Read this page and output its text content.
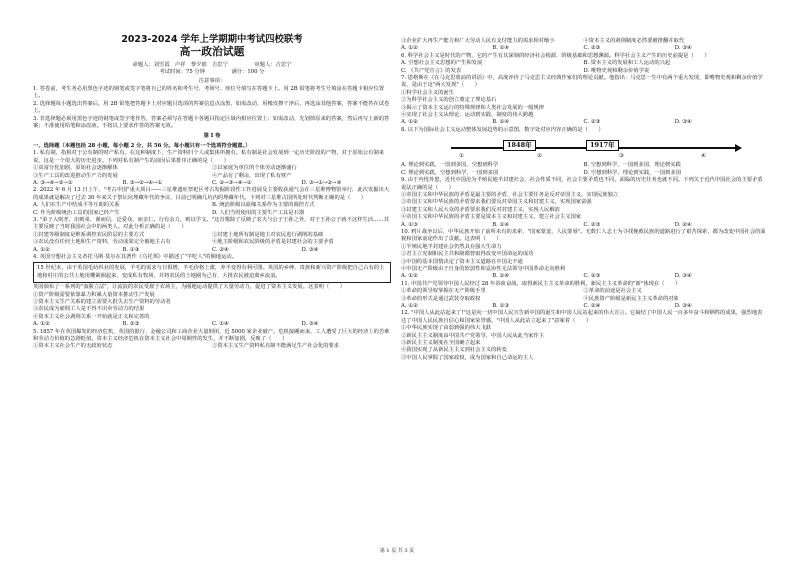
2023-2024 学年上学期期中考试四校联考
高一政治试题
命题人：刘雪霞　卢祥　黎夕娟　吉思宁　　　　　审题人：吉思宁
考试时间：75 分钟　　　　　满分：100 分
注意事项：

1. 答卷前，考生务必用黑色字迹的钢笔或签字笔将自己的姓名和考生号、考场号、座位号填写在答题卡上。用 2B 铅笔将考生号填涂在答题卡相应位置上。

2. 选择题每小题选出答案后，用 2B 铅笔把答题卡上对应题目选项的答案信息点涂黑，如需改动，用橡皮擦干净后，再选涂其他答案，答案不能答在试卷上。

3. 非选择题必须用黑色字迹的钢笔或签字笔作答，答案必须写在答题卡各题目指定区域内相应位置上；如需改动，先划掉原来的答案，然后再写上新的答案；不准使用铅笔和涂改液。不按以上要求作答的答案无效。

第 Ⅰ 卷
一、选择题（本题包括 28 小题，每小题 2 分，共 56 分。每小题只有一个选项符合题意。）

1. 私有制，指相对于公有制的财产私有。在这种制度下，生产资料归个人或集体所拥有。私有制是社会发展到一定历史阶段的产物，对于原始公有制来说，这是一个很大的历史进步。下列对私有制产生的前因后果排序正确的是（　　）

①贫富分化加剧，原始社会逐渐解体	②以家庭为单位的个体劳动逐渐盛行
③生产工具的改进推动生产力的发展	④产品有了剩余，出现了私有财产
A. ③→④→②→①	B. ③→②→④→①	C. ②→③→④→①	D. ③→①→②→④

2. 2022 年 6 月 13 日上午，"考古中国"重大项目——三星堆遗址祭祀区考古发掘阶段性工作进展及主要收获通气会在三星堆博物馆举行，此次发掘出大的成果就是解决了过去 30 年来关于祭坛坑埋藏年代的争议，目前已明确几坑内的埋藏年代。下列对三星堆古国所处时代判断正确的是（　　）

A. 人们在生产中结成平等互助的关系	B. 统治阶级以血缘关系作为主要的调控方式
C. 作为阶级统治工具的国家已经产生	D. 人们当时使用的主要生产工具是石器

3. "弟子入则孝，出则弟，谨而信，泛爱众，而亲仁。行有余力，则以学文。"这首歌除了反映了农夫与公子王孙之外，对于王孙公子就不这样生活……其主要反映了当时我国社会中的两类人。对此分析正确的是（　　）

①封建等级制度是维系调控农民阶层的主要方式	②封建土地所有制是地主对农民进行剥削的基础
③农民没有任何土地和生产资料，劳动成果完全被地主占有	④地主阶级和农民阶级的矛盾是封建社会的主要矛盾
A. ①②	B. ①③	C. ②④	D. ③④

4. 英国空想社会主义者托马斯·莫尔在其著作《乌托邦》中描述了"羊吃人"的圈地运动。

15 世纪末，由于英国毛纺织业的发展，羊毛的需求与日俱增，羊毛价格上涨，养羊变得有利可图。英国的乡绅、贵族和新兴资产阶级把自己占有的土地和村庄的公共土地用栅篱圈起来，变成私有牧场，并将农民的土地圈为己有，大批农民被迫离乡流浪。

英国颁布了一系列的"血腥立法"，让流浪的农民受雇于农场主，为圈地运动提供了大量劳动力，促进了资本主义发展。这表明（　　）

①资产阶级需要依靠暴力积累大量资本推动生产发展
②资本主义生产关系的建立需要大批失去生产资料的劳动者
③农民成为雇佣工人是不得不出卖劳动力的结果
④资本主义社会剥削关系一开始就是正义和完善的
A. ①②	B. ②③	C. ①④	D. ③④

5. 1857 年在英国爆发的经济危机，英国的银行、金融公司和工商企业大量倒闭，近 5000 家企业破产。危机接踵而来，工人遭受了巨大的经济上的苦难和劳动力价值的急剧贬值。资本主义经济危机在资本主义社会中周期性的发生，并不断加剧，反映了（　　）

①资本主义社会生产的无政府状态	②资本主义生产资料私有制不能满足生产社会化的要求
③企业扩大再生产能力和广大劳动人民有支付能力的需求相对缩小	④资本主义的剥削制度必然要被推翻并取代
A. ①②	B. ①④	C. ②③	D. ③④

6. 科学社会主义是时代的产物，它的产生有其深刻的经济社会根源、阶级基础和思想渊源。科学社会主义产生的历史前提是（　　）

A. 空想社会主义思想的产生和发展	B. 资本主义的发展和工人运动的兴起
C. 《共产党宣言》的发表	D. 唯物史观和剩余价值学说

7. 恩格斯在《在马克思墓前的讲话》中，高度评价了马克思主义经典作家们的理论贡献。他指出：马克思一生中有两个重大发现，即唯物史观和剩余价值学说，是由于这"两大发现"（　　）

①科学社会主义的诞生
②为科学社会主义的创立奠定了理论基石
③揭示了资本主义运行的特殊规律和人类社会发展的一般规律
④实现了社会主义从理论、运动到实践、制度的伟大跨越
A. ①②	B. ①④	C. ②③	D. ③④

8. 以下为国际社会主义运动整体发展趋势的示意图，数字处对应内容正确的是（　　）

1848年	1917年
①	②	③	④
A. 理论到实践，一国到多国，空想到科学	B. 空想到科学，一国到多国，理论到实践
C. 理论到实践，空想到科学，一国到多国	D. 空想到科学，理论到实践，一国到多国

9. 由于内忧外患，近代中国沦为半殖民地半封建社会，社会性质不同，社会主要矛盾也不同，面临的历史任务也就不同。下列关于近代中国社会的主要矛盾说法正确的是（　　）

①帝国主义和中华民族的矛盾是最主要的矛盾，社会主要任务是反对帝国主义，实现民族独立
②帝国主义和中华民族的矛盾要求我们要反对帝国主义和封建主义，实现国家富强
③封建主义和人民大众的矛盾要求我们反对封建主义，实现人民解放
④帝国主义和中华民族的矛盾主要是资本主义和封建主义，建立社会主义国家
A. ①③	B. ①④	C. ②③	D. ②④

10. 鸦片战争以后，中华民族开始了前所未有的求索，"国家蒙羞，人民蒙辱"。无数仁人志士为寻找挽救民族的道路进行了艰苦探索，都为改变中国社会的面貌和国家前途作出了贡献。这表明（　　）

①半殖民地半封建社会仍然具有强大生命力
②君主立宪制和民主共和制都曾取得改变中国命运的成功
③中国的基本国情决定了资本主义道路在中国走不通
④中国无产阶级由于自身的软弱性和妥协性无法领导中国革命走向胜利
A. ①②	B. ①④	C. ②③	D. ③④

11. 中国共产党领导中国人民经过 28 年浴血奋战，取得新民主主义革命的胜利，新民主主义革命的"新"体现在（　　）

①革命的领导权掌握在无产阶级手里	②革命的前途是社会主义
③革命的形式是通过武装夺取政权	④民族资产阶级是新民主主义革命的对象
A. ①②	B. ①③	C. ②④	D. ③④

12. "中国人从此站起来了!"这是向一切中国人民宣告新中国的诞生和中国人民站起来的伟大宣言。它凝结了中国人民一百多年奋斗和牺牲的成果，强烈地表达了中国人民民族自信心和国家荣誉感。"中国人从此站立起来了"意味着（　　）

①中华民族实现了由弱到强的伟大飞跃
②新民主主义制度由中国共产党领导，中国人民从此当家作主
③新民主主义制度在全国确立起来
④我国实现了从新民主主义到社会主义的转变
⑤中国人民掌握了国家政权，成为国家和自己命运的主人
第 1 页 共 3 页
